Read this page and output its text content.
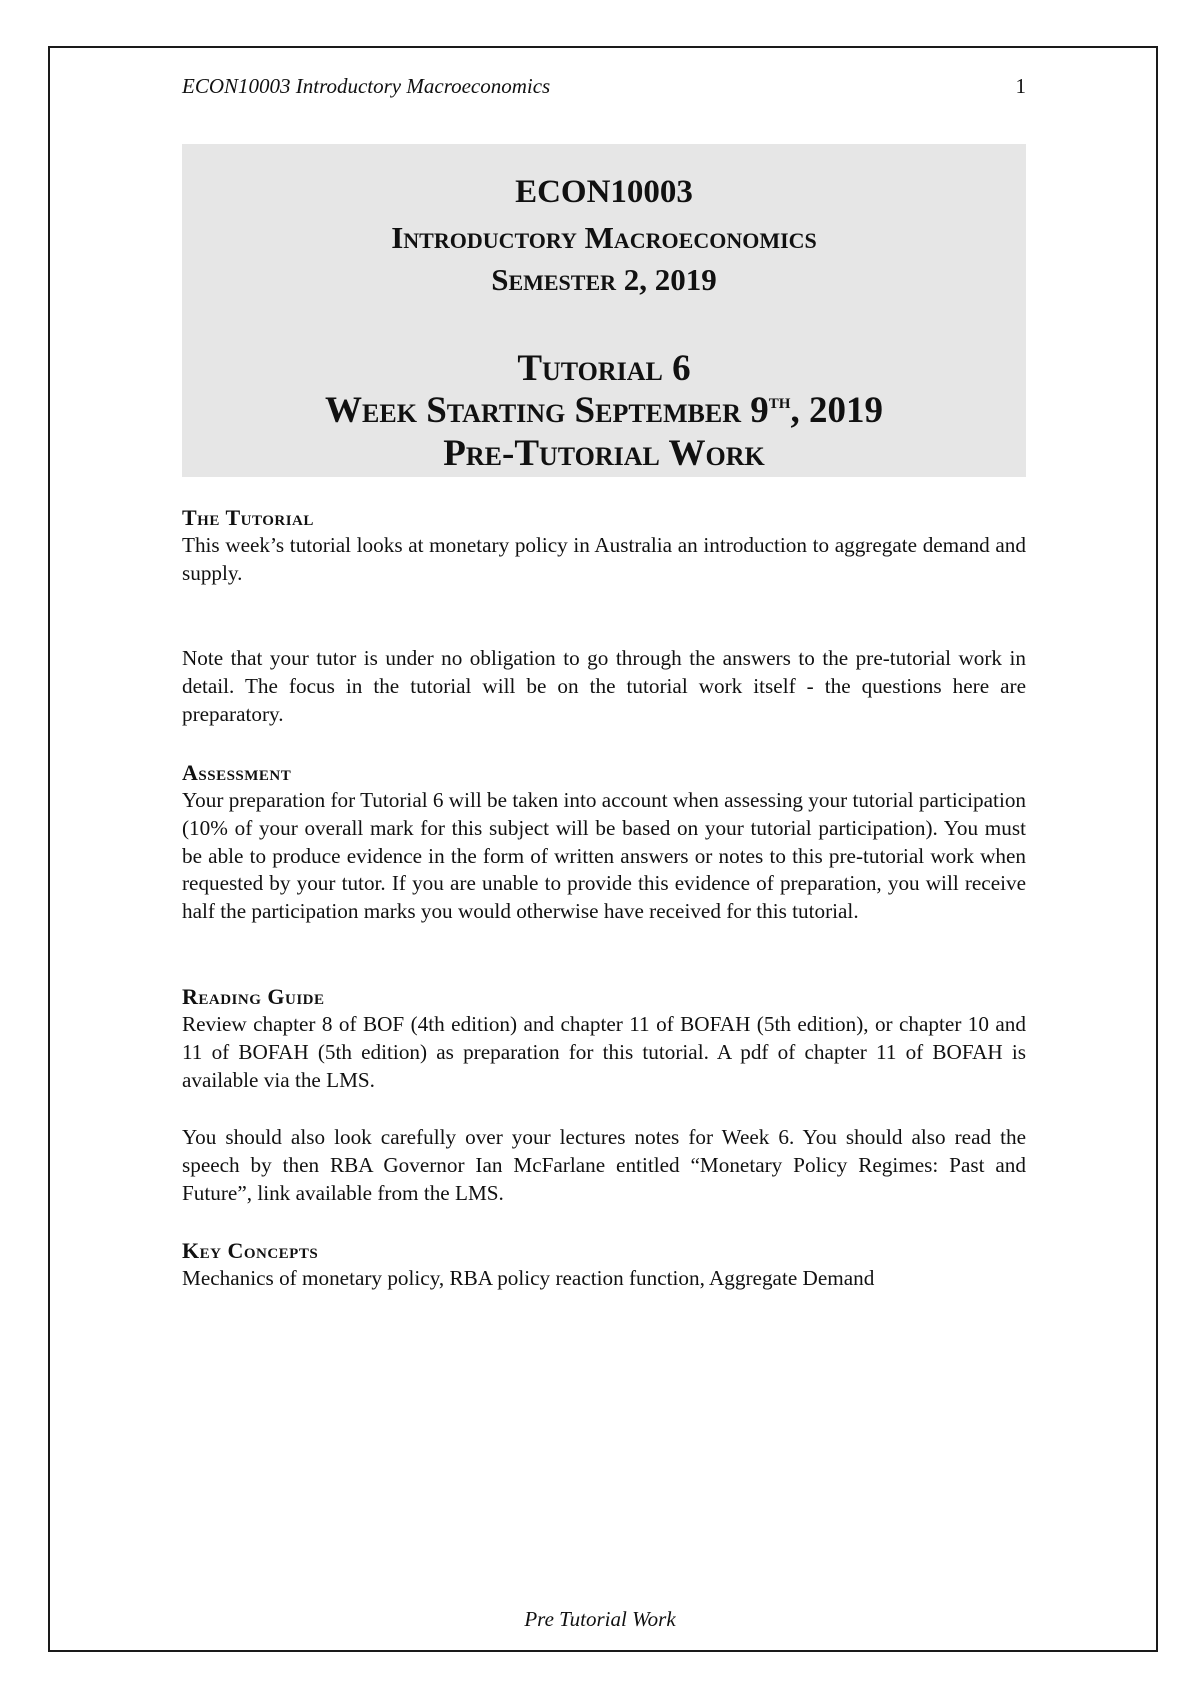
ECON10003 Introductory Macroeconomics	1
ECON10003
Introductory Macroeconomics
Semester 2, 2019
Tutorial 6
Week Starting September 9th, 2019
Pre-Tutorial Work
The Tutorial

This week’s tutorial looks at monetary policy in Australia an introduction to aggregate demand and supply.

Note that your tutor is under no obligation to go through the answers to the pre-tutorial work in detail. The focus in the tutorial will be on the tutorial work itself - the questions here are preparatory.

Assessment

Your preparation for Tutorial 6 will be taken into account when assessing your tutorial participation (10% of your overall mark for this subject will be based on your tutorial participation). You must be able to produce evidence in the form of written answers or notes to this pre-tutorial work when requested by your tutor. If you are unable to provide this evidence of preparation, you will receive half the participation marks you would otherwise have received for this tutorial.

Reading Guide

Review chapter 8 of BOF (4th edition) and chapter 11 of BOFAH (5th edition), or chapter 10 and 11 of BOFAH (5th edition) as preparation for this tutorial. A pdf of chapter 11 of BOFAH is available via the LMS.

You should also look carefully over your lectures notes for Week 6. You should also read the speech by then RBA Governor Ian McFarlane entitled “Monetary Policy Regimes: Past and Future”, link available from the LMS.

Key Concepts

Mechanics of monetary policy, RBA policy reaction function, Aggregate Demand

Pre Tutorial Work
